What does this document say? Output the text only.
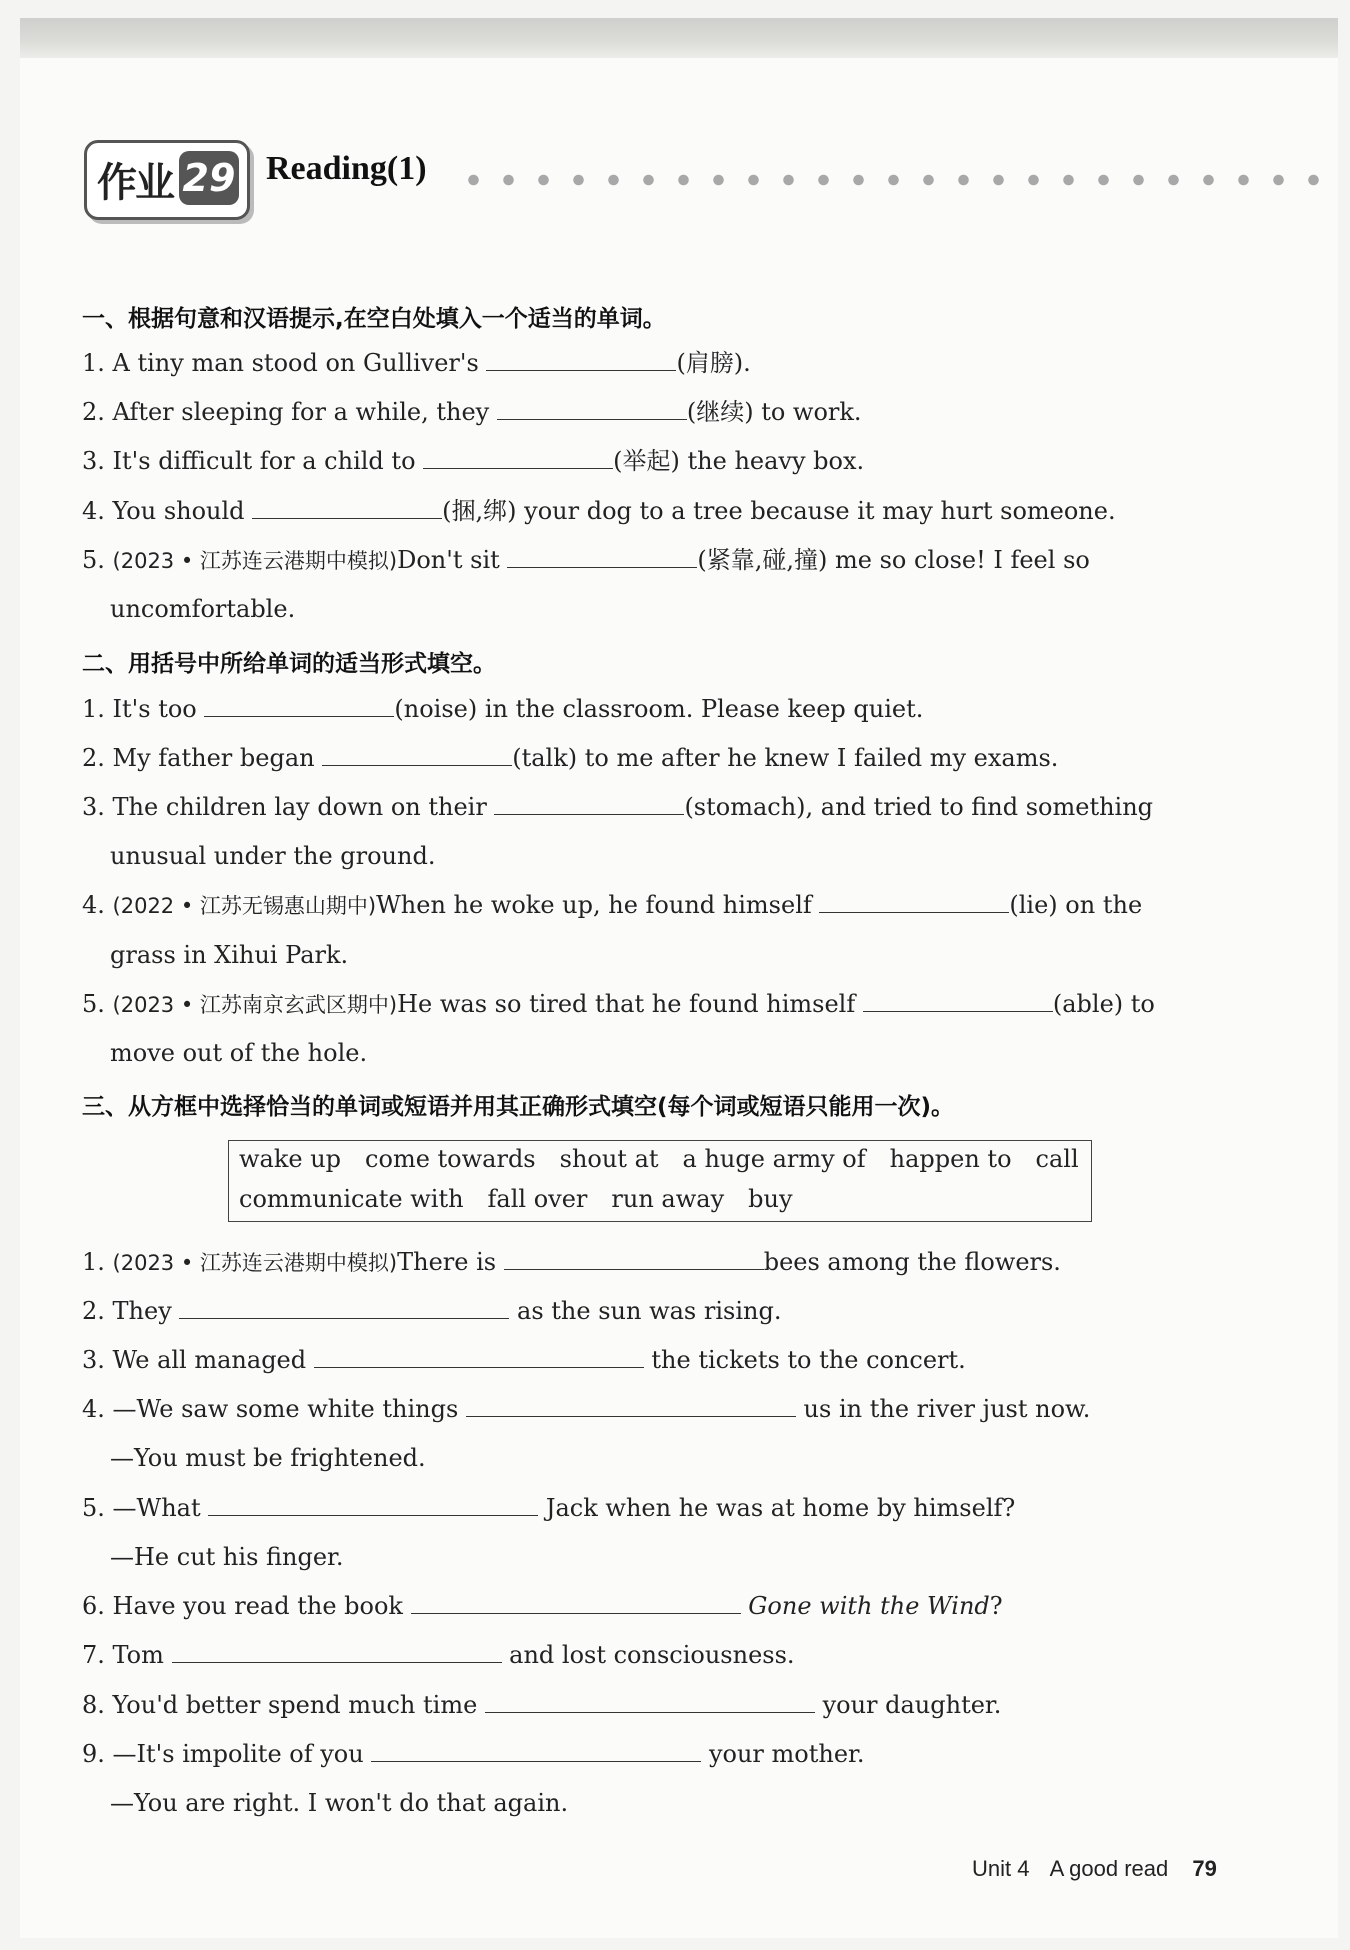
作业 29 Reading(1)
一、根据句意和汉语提示,在空白处填入一个适当的单词。
1. A tiny man stood on Gulliver's	(肩膀).
2. After sleeping for a while, they	(继续) to work.
3. It's difficult for a child to	(举起) the heavy box.
4. You should	(捆,绑) your dog to a tree because it may hurt someone.
5. (2023 • 江苏连云港期中模拟)Don't sit	(紧靠,碰,撞) me so close! I feel so
uncomfortable.
二、用括号中所给单词的适当形式填空。
1. It's too	(noise) in the classroom. Please keep quiet.
2. My father began	(talk) to me after he knew I failed my exams.
3. The children lay down on their	(stomach), and tried to find something
unusual under the ground.
4. (2022 • 江苏无锡惠山期中)When he woke up, he found himself	(lie) on the
grass in Xihui Park.
5. (2023 • 江苏南京玄武区期中)He was so tired that he found himself	(able) to
move out of the hole.
三、从方框中选择恰当的单词或短语并用其正确形式填空(每个词或短语只能用一次)。
wake up come towards shout at a huge army of happen to call
communicate with fall over run away buy
1. (2023 • 江苏连云港期中模拟)There is	bees among the flowers.
2. They	as the sun was rising.
3. We all managed	the tickets to the concert.
4. —We saw some white things	us in the river just now.
—You must be frightened.
5. —What	Jack when he was at home by himself?
—He cut his finger.
6. Have you read the book	Gone with the Wind?
7. Tom	and lost consciousness.
8. You'd better spend much time	your daughter.
9. —It's impolite of you	your mother.
—You are right. I won't do that again.
Unit 4 A good read 79
